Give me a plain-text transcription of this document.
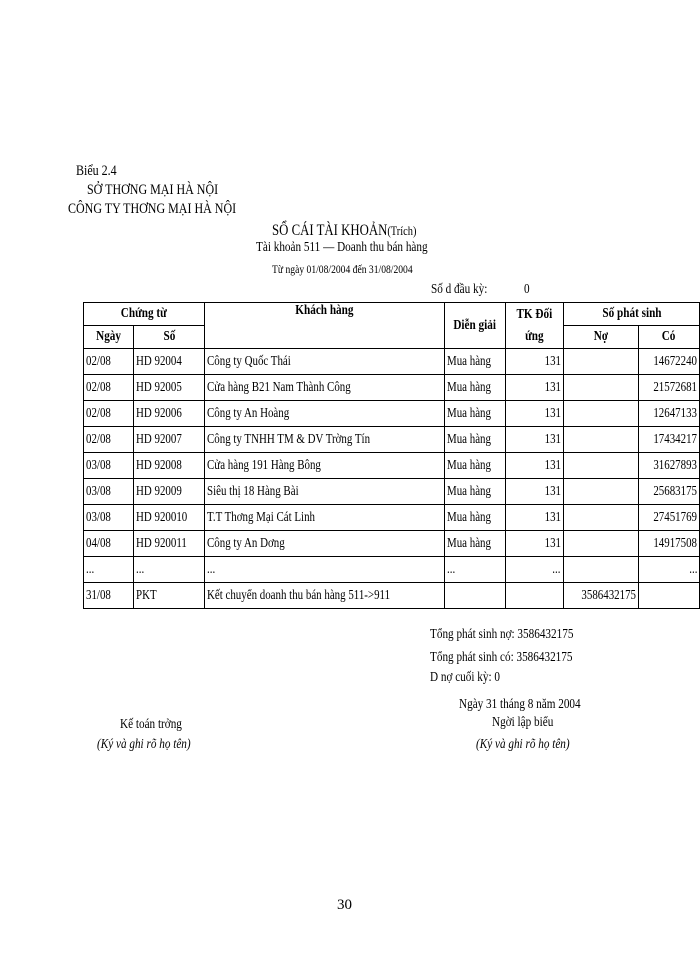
Biểu 2.4
SỞ THƠNG MẠI HÀ NỘI
CÔNG TY THƠNG MẠI HÀ NỘI
SỔ CÁI TÀI KHOẢN(Trích)
Tài khoản 511 — Doanh thu bán hàng
Từ ngày 01/08/2004 đến 31/08/2004
Số d đầu kỳ:	0
Chứng từ		Khách hàng	Diễn giải	TK Đối ứng	Số phát sinh	
Ngày	Số				Nợ	Có
02/08	HD 92004	Công ty Quốc Thái	Mua hàng	131		14672240
02/08	HD 92005	Cửa hàng B21 Nam Thành Công	Mua hàng	131		21572681
02/08	HD 92006	Công ty An Hoàng	Mua hàng	131		12647133
02/08	HD 92007	Công ty TNHH TM & DV Trờng Tín	Mua hàng	131		17434217
03/08	HD 92008	Cửa hàng 191 Hàng Bông	Mua hàng	131		31627893
03/08	HD 92009	Siêu thị 18 Hàng Bài	Mua hàng	131		25683175
03/08	HD 920010	T.T Thơng Mại Cát Linh	Mua hàng	131		27451769
04/08	HD 920011	Công ty An Dơng	Mua hàng	131		14917508
...	...	...	...	...		...
31/08	PKT	Kết chuyển doanh thu bán hàng 511->911			3586432175	
Tổng phát sinh nợ: 3586432175
Tổng phát sinh có: 3586432175
D nợ cuối kỳ: 0
Ngày 31 tháng 8 năm 2004
Ngời lập biểu
(Ký và ghi rõ họ tên)
Kế toán trởng
(Ký và ghi rõ họ tên)
30
